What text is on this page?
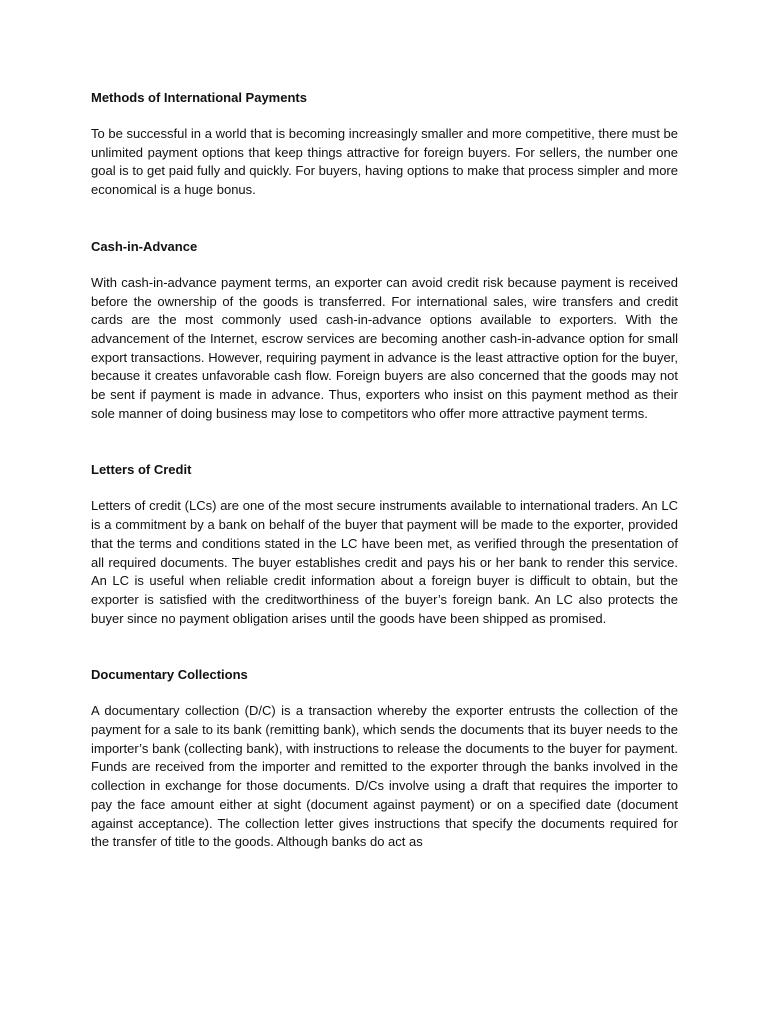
Methods of International Payments

To be successful in a world that is becoming increasingly smaller and more competitive, there must be unlimited payment options that keep things attractive for foreign buyers. For sellers, the number one goal is to get paid fully and quickly. For buyers, having options to make that process simpler and more economical is a huge bonus.

Cash-in-Advance

With cash-in-advance payment terms, an exporter can avoid credit risk because payment is received before the ownership of the goods is transferred. For international sales, wire transfers and credit cards are the most commonly used cash-in-advance options available to exporters. With the advancement of the Internet, escrow services are becoming another cash-in-advance option for small export transactions. However, requiring payment in advance is the least attractive option for the buyer, because it creates unfavorable cash flow. Foreign buyers are also concerned that the goods may not be sent if payment is made in advance. Thus, exporters who insist on this payment method as their sole manner of doing business may lose to competitors who offer more attractive payment terms.

Letters of Credit

Letters of credit (LCs) are one of the most secure instruments available to international traders. An LC is a commitment by a bank on behalf of the buyer that payment will be made to the exporter, provided that the terms and conditions stated in the LC have been met, as verified through the presentation of all required documents. The buyer establishes credit and pays his or her bank to render this service. An LC is useful when reliable credit information about a foreign buyer is difficult to obtain, but the exporter is satisfied with the creditworthiness of the buyer’s foreign bank. An LC also protects the buyer since no payment obligation arises until the goods have been shipped as promised.

Documentary Collections

A documentary collection (D/C) is a transaction whereby the exporter entrusts the collection of the payment for a sale to its bank (remitting bank), which sends the documents that its buyer needs to the importer’s bank (collecting bank), with instructions to release the documents to the buyer for payment. Funds are received from the importer and remitted to the exporter through the banks involved in the collection in exchange for those documents. D/Cs involve using a draft that requires the importer to pay the face amount either at sight (document against payment) or on a specified date (document against acceptance). The collection letter gives instructions that specify the documents required for the transfer of title to the goods. Although banks do act as
